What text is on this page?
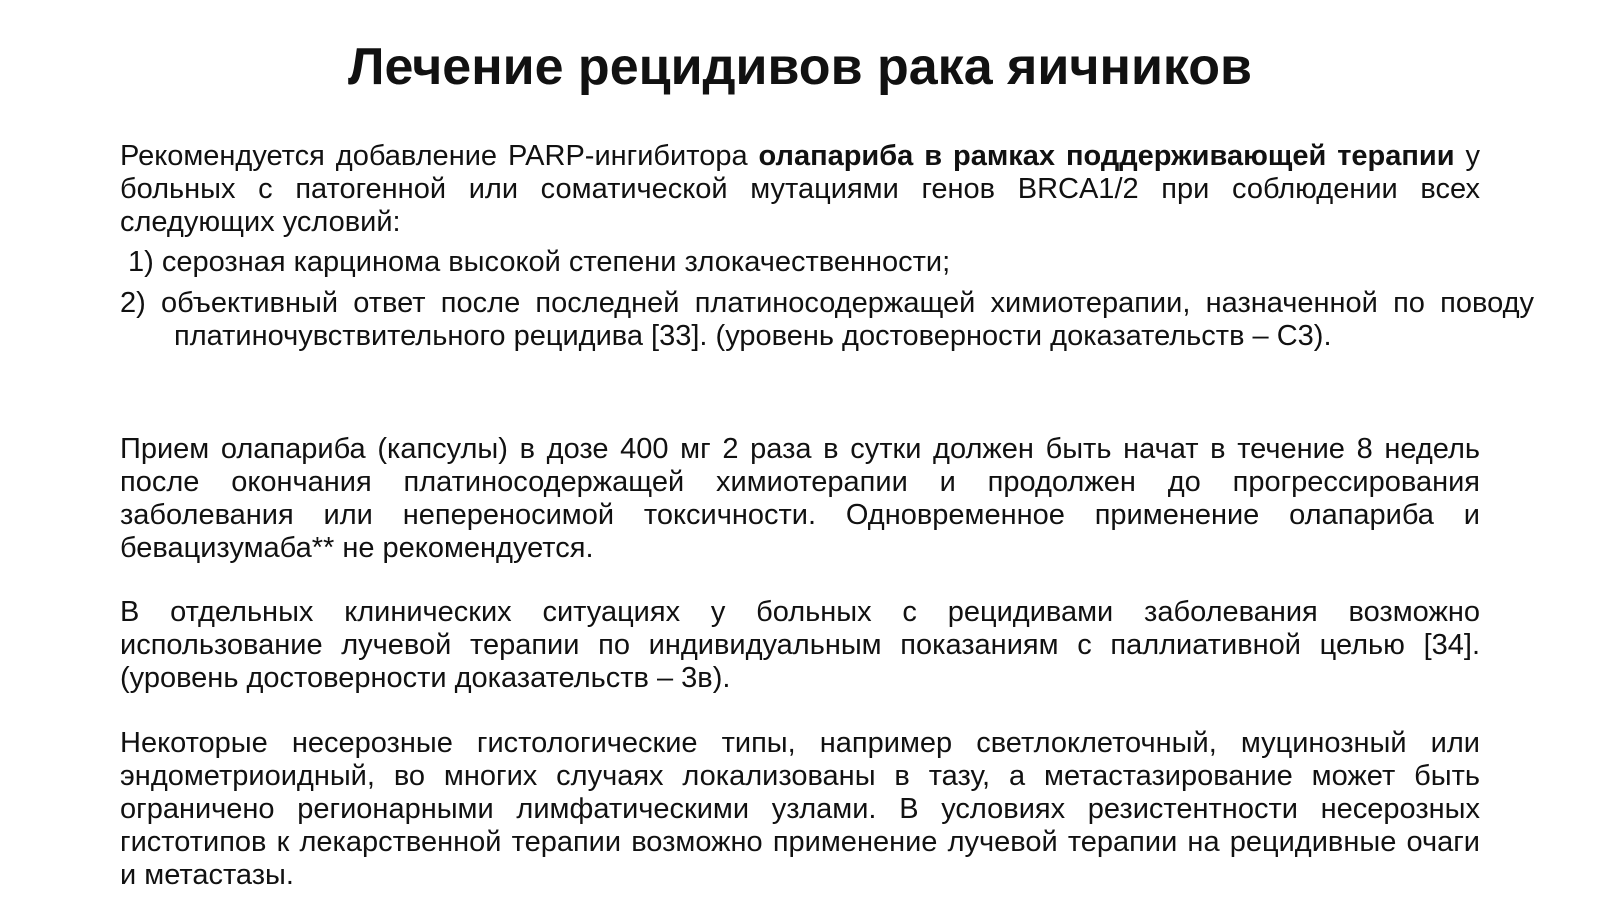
Лечение рецидивов рака яичников

Рекомендуется добавление PARP-ингибитора олапариба в рамках поддерживающей терапии у больных с патогенной или соматической мутациями генов BRCA1/2 при соблюдении всех следующих условий:

1) серозная карцинома высокой степени злокачественности;

2) объективный ответ после последней платиносодержащей химиотерапии, назначенной по поводу платиночувствительного рецидива [33]. (уровень достоверности доказательств – С3).

Прием олапариба (капсулы) в дозе 400 мг 2 раза в сутки должен быть начат в течение 8 недель после окончания платиносодержащей химиотерапии и продолжен до прогрессирования заболевания или непереносимой токсичности. Одновременное применение олапариба и бевацизумаба** не рекомендуется.

В отдельных клинических ситуациях у больных с рецидивами заболевания возможно использование лучевой терапии по индивидуальным показаниям с паллиативной целью [34]. (уровень достоверности доказательств – 3в).

Некоторые несерозные гистологические типы, например светлоклеточный, муцинозный или эндометриоидный, во многих случаях локализованы в тазу, а метастазирование может быть ограничено регионарными лимфатическими узлами. В условиях резистентности несерозных гистотипов к лекарственной терапии возможно применение лучевой терапии на рецидивные очаги и метастазы.
